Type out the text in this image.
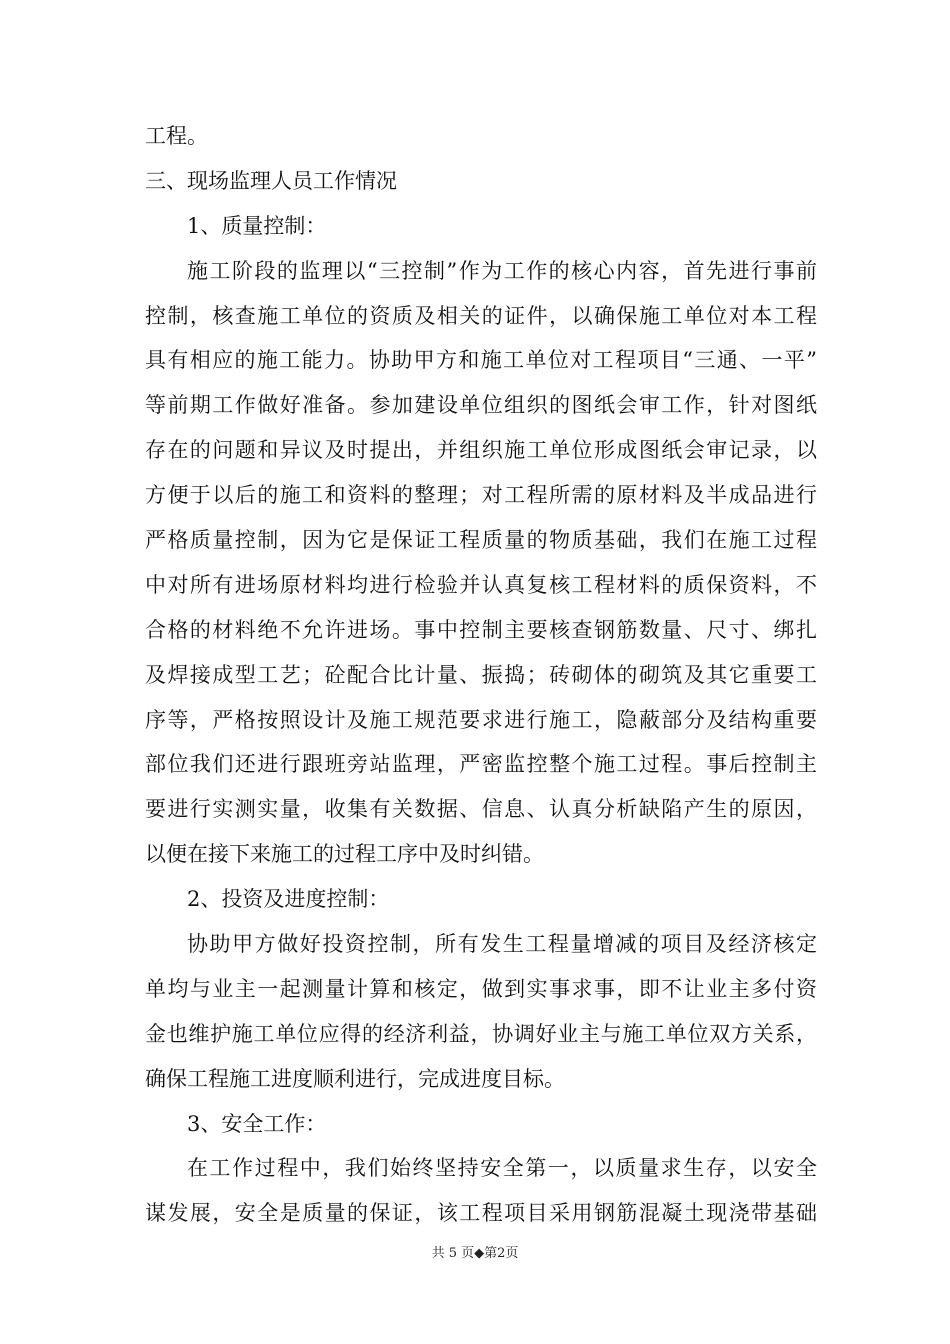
工程。
三、现场监理人员工作情况
1、质量控制：
施工阶段的监理以“三控制”作为工作的核心内容，首先进行事前
控制，核查施工单位的资质及相关的证件，以确保施工单位对本工程
具有相应的施工能力。协助甲方和施工单位对工程项目“三通、一平”
等前期工作做好准备。参加建设单位组织的图纸会审工作，针对图纸
存在的问题和异议及时提出，并组织施工单位形成图纸会审记录，以
方便于以后的施工和资料的整理；对工程所需的原材料及半成品进行
严格质量控制，因为它是保证工程质量的物质基础，我们在施工过程
中对所有进场原材料均进行检验并认真复核工程材料的质保资料，不
合格的材料绝不允许进场。事中控制主要核查钢筋数量、尺寸、绑扎
及焊接成型工艺；砼配合比计量、振捣；砖砌体的砌筑及其它重要工
序等，严格按照设计及施工规范要求进行施工，隐蔽部分及结构重要
部位我们还进行跟班旁站监理，严密监控整个施工过程。事后控制主
要进行实测实量，收集有关数据、信息、认真分析缺陷产生的原因，
以便在接下来施工的过程工序中及时纠错。
2、投资及进度控制：
协助甲方做好投资控制，所有发生工程量增减的项目及经济核定
单均与业主一起测量计算和核定，做到实事求事，即不让业主多付资
金也维护施工单位应得的经济利益，协调好业主与施工单位双方关系，
确保工程施工进度顺利进行，完成进度目标。
3、安全工作：
在工作过程中，我们始终坚持安全第一，以质量求生存，以安全
谋发展，安全是质量的保证，该工程项目采用钢筋混凝土现浇带基础
共 5 页◆第2页
